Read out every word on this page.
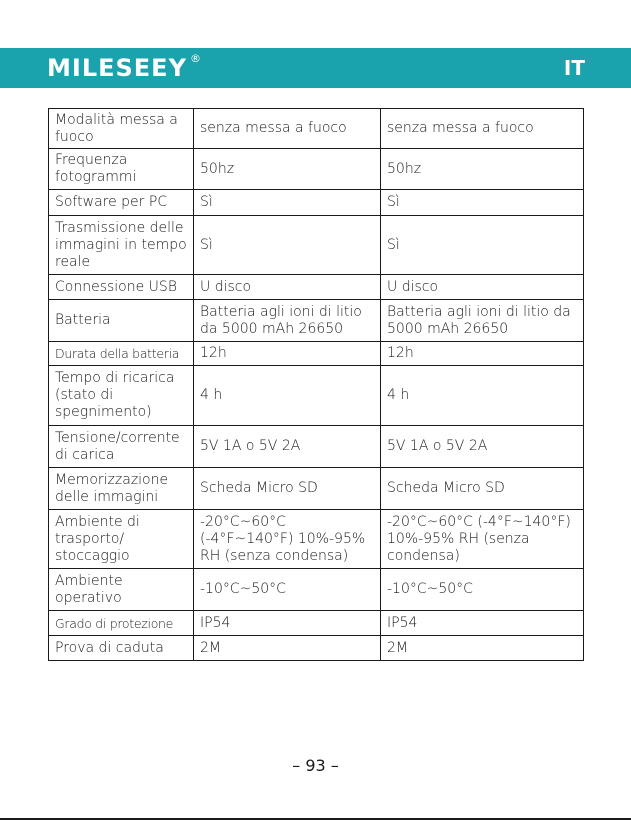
MILESEEY ®	IT
Modalità messa a fuoco	senza messa a fuoco	senza messa a fuoco
Frequenza fotogrammi	50hz	50hz
Software per PC	Sì	Sì
Trasmissione delle immagini in tempo reale	Sì	Sì
Connessione USB	U disco	U disco
Batteria	Batteria agli ioni di litio da 5000 mAh 26650	Batteria agli ioni di litio da 5000 mAh 26650
Durata della batteria	12h	12h
Tempo di ricarica (stato di spegnimento)	4 h	4 h
Tensione/corrente di carica	5V 1A o 5V 2A	5V 1A o 5V 2A
Memorizzazione delle immagini	Scheda Micro SD	Scheda Micro SD
Ambiente di trasporto/ stoccaggio	-20°C~60°C (-4°F~140°F) 10%-95% RH (senza condensa)	-20°C~60°C (-4°F~140°F) 10%-95% RH (senza condensa)
Ambiente operativo	-10°C~50°C	-10°C~50°C
Grado di protezione	IP54	IP54
Prova di caduta	2M	2M
– 93 –
